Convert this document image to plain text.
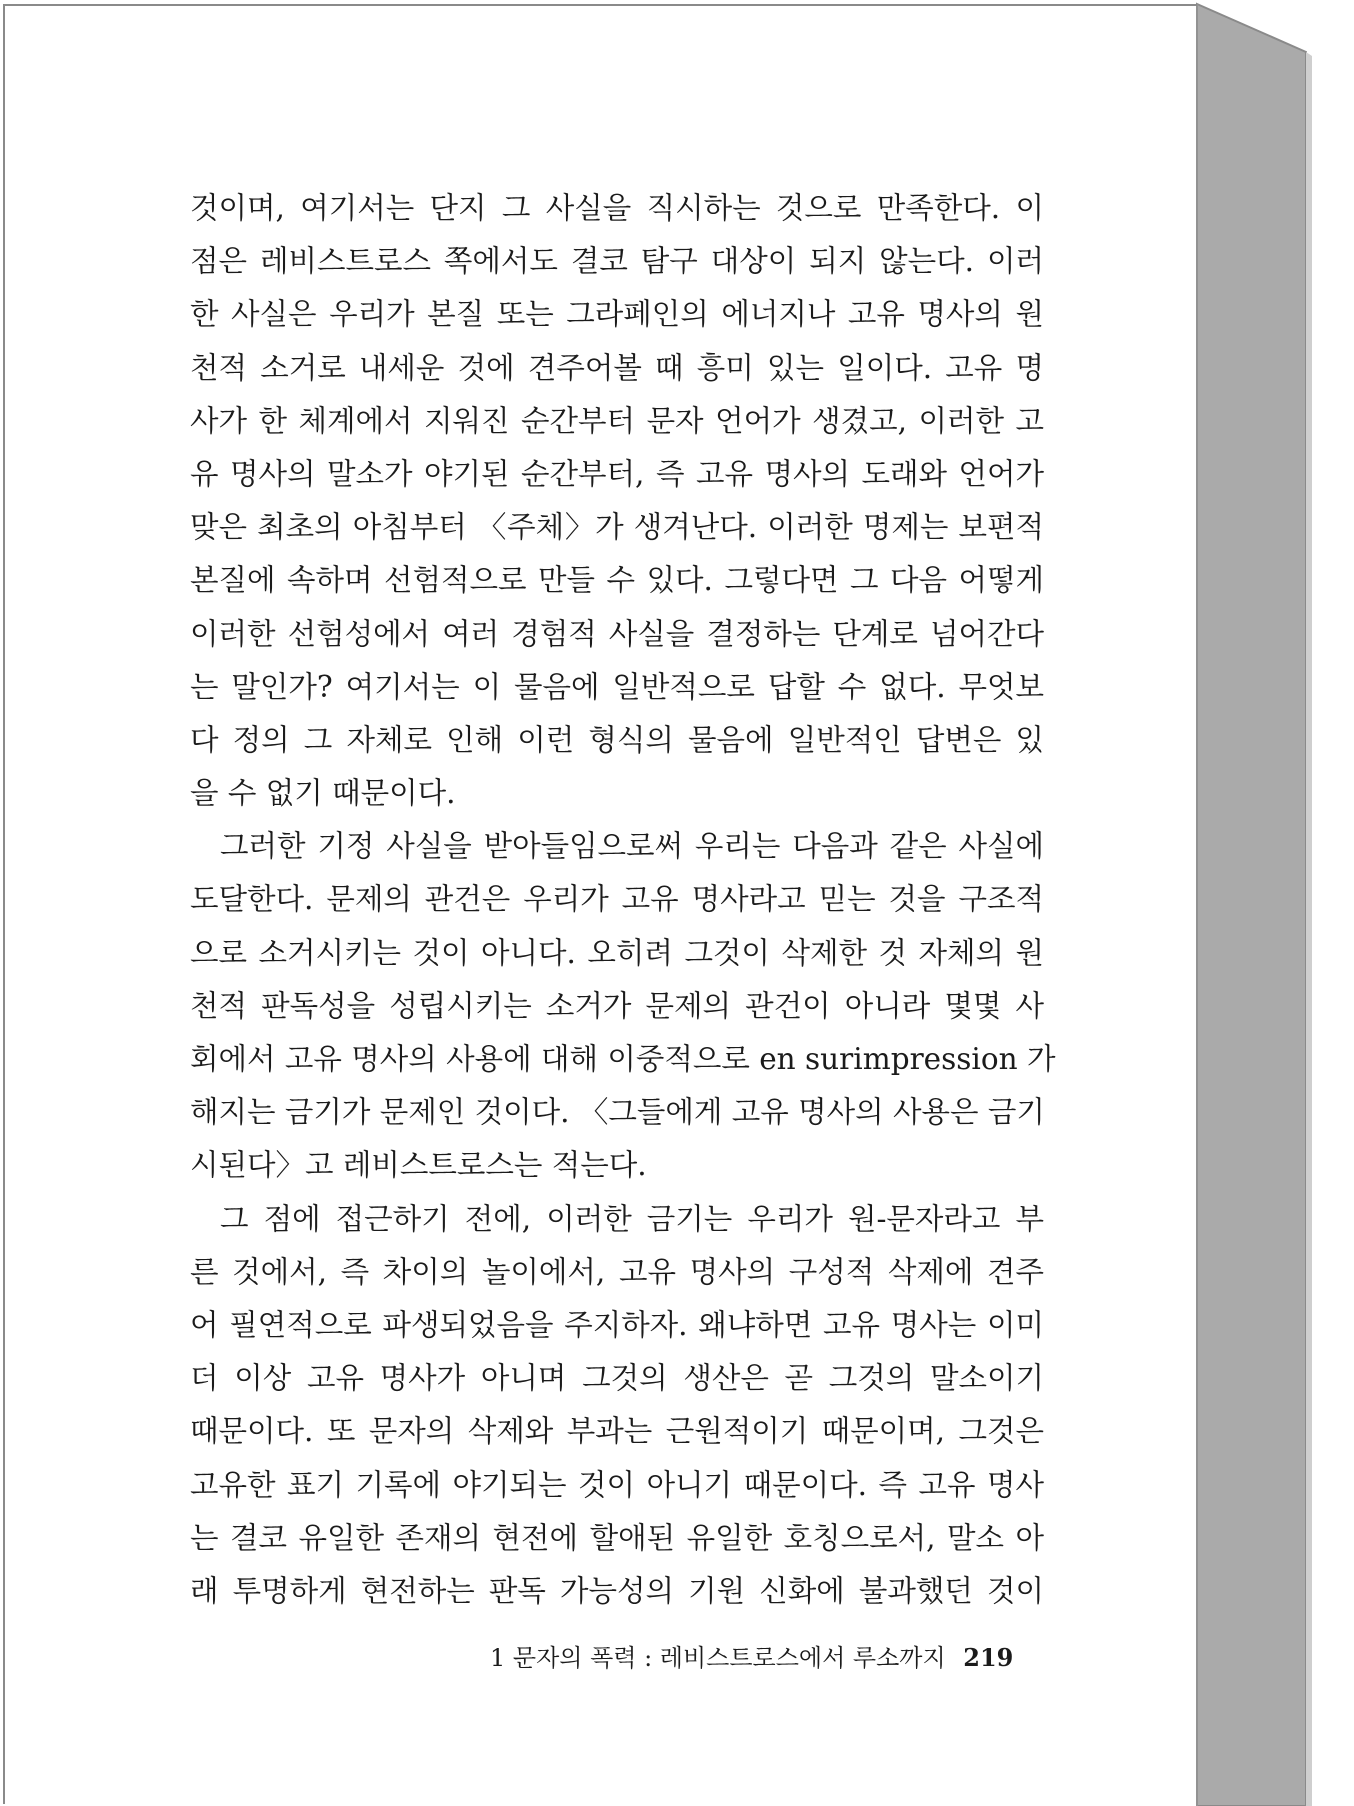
것이며, 여기서는 단지 그 사실을 직시하는 것으로 만족한다. 이
점은 레비스트로스 쪽에서도 결코 탐구 대상이 되지 않는다. 이러
한 사실은 우리가 본질 또는 그라페인의 에너지나 고유 명사의 원
천적 소거로 내세운 것에 견주어볼 때 흥미 있는 일이다. 고유 명
사가 한 체계에서 지워진 순간부터 문자 언어가 생겼고, 이러한 고
유 명사의 말소가 야기된 순간부터, 즉 고유 명사의 도래와 언어가
맞은 최초의 아침부터 〈주체〉가 생겨난다. 이러한 명제는 보편적
본질에 속하며 선험적으로 만들 수 있다. 그렇다면 그 다음 어떻게
이러한 선험성에서 여러 경험적 사실을 결정하는 단계로 넘어간다
는 말인가? 여기서는 이 물음에 일반적으로 답할 수 없다. 무엇보
다 정의 그 자체로 인해 이런 형식의 물음에 일반적인 답변은 있
을 수 없기 때문이다.
그러한 기정 사실을 받아들임으로써 우리는 다음과 같은 사실에
도달한다. 문제의 관건은 우리가 고유 명사라고 믿는 것을 구조적
으로 소거시키는 것이 아니다. 오히려 그것이 삭제한 것 자체의 원
천적 판독성을 성립시키는 소거가 문제의 관건이 아니라 몇몇 사
회에서 고유 명사의 사용에 대해 이중적으로 en surimpression 가
해지는 금기가 문제인 것이다. 〈그들에게 고유 명사의 사용은 금기
시된다〉고 레비스트로스는 적는다.
그 점에 접근하기 전에, 이러한 금기는 우리가 원-문자라고 부
른 것에서, 즉 차이의 놀이에서, 고유 명사의 구성적 삭제에 견주
어 필연적으로 파생되었음을 주지하자. 왜냐하면 고유 명사는 이미
더 이상 고유 명사가 아니며 그것의 생산은 곧 그것의 말소이기
때문이다. 또 문자의 삭제와 부과는 근원적이기 때문이며, 그것은
고유한 표기 기록에 야기되는 것이 아니기 때문이다. 즉 고유 명사
는 결코 유일한 존재의 현전에 할애된 유일한 호칭으로서, 말소 아
래 투명하게 현전하는 판독 가능성의 기원 신화에 불과했던 것이
1 문자의 폭력 : 레비스트로스에서 루소까지 219
